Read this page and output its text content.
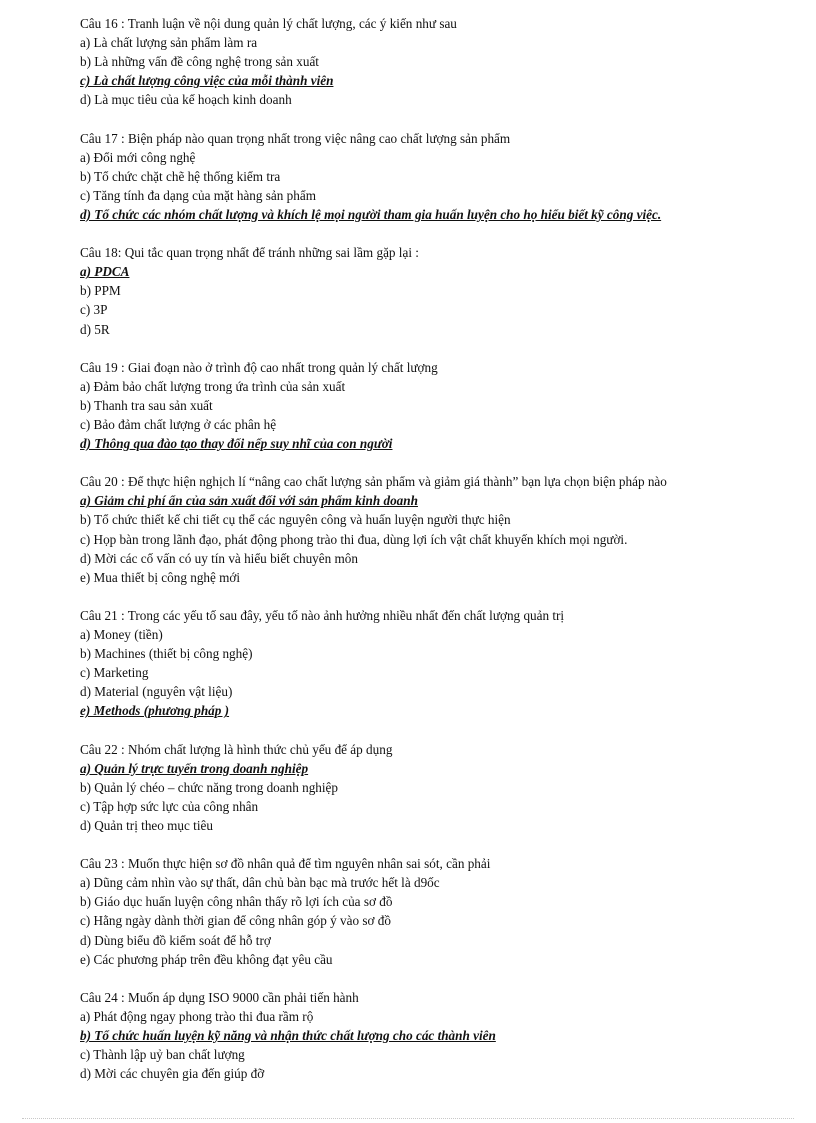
Câu 16 : Tranh luận về nội dung quản lý chất lượng, các ý kiến như sau
a) Là chất lượng sản phẩm làm ra
b) Là những vấn đề công nghệ trong sản xuất
c) Là chất lượng công việc của mỗi thành viên
d) Là mục tiêu của kế hoạch kinh doanh
Câu 17 : Biện pháp nào quan trọng nhất trong việc nâng cao chất lượng sản phẩm
a) Đổi mới công nghệ
b) Tổ chức chặt chẽ hệ thống kiểm tra
c) Tăng tính đa dạng của mặt hàng sản phẩm
d) Tổ chức các nhóm chất lượng và khích lệ mọi người tham gia huấn luyện cho họ hiểu biết kỹ công việc.
Câu 18: Qui tắc quan trọng nhất để tránh những sai lầm gặp lại :
a) PDCA
b) PPM
c) 3P
d) 5R
Câu 19 : Giai đoạn nào ở trình độ cao nhất trong quản lý chất lượng
a) Đảm bảo chất lượng trong ứa trình của sản xuất
b) Thanh tra sau sản xuất
c) Bảo đảm chất lượng ở các phân hệ
d) Thông qua đào tạo thay đổi nếp suy nhĩ của con người
Câu 20 : Để thực hiện nghịch lí “nâng cao chất lượng sản phẩm và giảm giá thành” bạn lựa chọn biện pháp nào
a) Giảm chi phí ẩn của sản xuất đối với sản phẩm kinh doanh
b) Tổ chức thiết kế chi tiết cụ thể các nguyên công và huấn luyện người thực hiện
c) Họp bàn trong lãnh đạo, phát động phong trào thi đua, dùng lợi ích vật chất khuyến khích mọi người.
d) Mời các cố vấn có uy tín và hiểu biết chuyên môn
e) Mua thiết bị công nghệ mới
Câu 21 : Trong các yếu tố sau đây, yếu tố nào ảnh hưởng nhiều nhất đến chất lượng quản trị
a) Money (tiền)
b) Machines (thiết bị công nghệ)
c) Marketing
d) Material (nguyên vật liệu)
e) Methods (phương pháp )
Câu 22 : Nhóm chất lượng là hình thức chủ yếu để áp dụng
a) Quản lý trực tuyến trong doanh nghiệp
b) Quản lý chéo – chức năng trong doanh nghiệp
c) Tập hợp sức lực của công nhân
d) Quản trị theo mục tiêu
Câu 23 : Muốn thực hiện sơ đồ nhân quả để tìm nguyên nhân sai sót, cần phải
a) Dũng cảm nhìn vào sự thất, dân chủ bàn bạc mà trước hết là d9ốc
b) Giáo dục huấn luyện công nhân thấy rõ lợi ích của sơ đồ
c) Hằng ngày dành thời gian để công nhân góp ý vào sơ đồ
d) Dùng biểu đồ kiểm soát để hỗ trợ
e) Các phương pháp trên đều không đạt yêu cầu
Câu 24 : Muốn áp dụng ISO 9000 cần phải tiến hành
a) Phát động ngay phong trào thi đua rầm rộ
b) Tổ chức huấn luyện kỹ năng và nhận thức chất lượng cho các thành viên
c) Thành lập uỷ ban chất lượng
d) Mời các chuyên gia đến giúp đỡ
